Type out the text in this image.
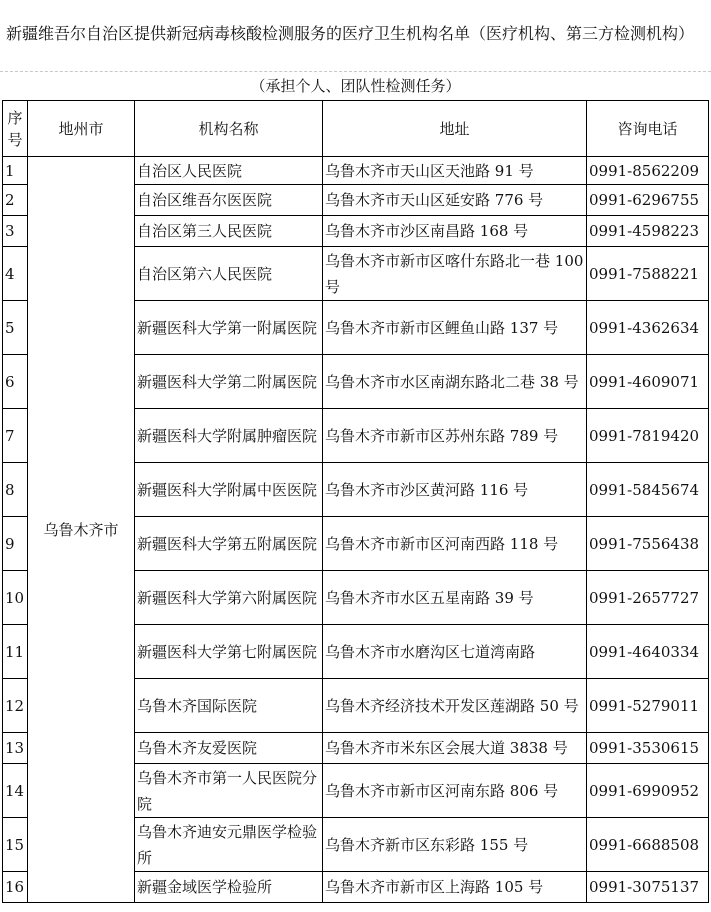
新疆维吾尔自治区提供新冠病毒核酸检测服务的医疗卫生机构名单（医疗机构、第三方检测机构）
（承担个人、团队性检测任务）
序号	地州市	机构名称	地址	咨询电话
1	乌鲁木齐市	自治区人民医院	乌鲁木齐市天山区天池路 91 号	0991-8562209
2		自治区维吾尔医医院	乌鲁木齐市天山区延安路 776 号	0991-6296755
3		自治区第三人民医院	乌鲁木齐市沙区南昌路 168 号	0991-4598223
4		自治区第六人民医院	乌鲁木齐市新市区喀什东路北一巷 100 号	0991-7588221
5		新疆医科大学第一附属医院	乌鲁木齐市新市区鲤鱼山路 137 号	0991-4362634
6		新疆医科大学第二附属医院	乌鲁木齐市水区南湖东路北二巷 38 号	0991-4609071
7		新疆医科大学附属肿瘤医院	乌鲁木齐市新市区苏州东路 789 号	0991-7819420
8		新疆医科大学附属中医医院	乌鲁木齐市沙区黄河路 116 号	0991-5845674
9		新疆医科大学第五附属医院	乌鲁木齐市新市区河南西路 118 号	0991-7556438
10		新疆医科大学第六附属医院	乌鲁木齐市水区五星南路 39 号	0991-2657727
11		新疆医科大学第七附属医院	乌鲁木齐市水磨沟区七道湾南路	0991-4640334
12		乌鲁木齐国际医院	乌鲁木齐经济技术开发区莲湖路 50 号	0991-5279011
13		乌鲁木齐友爱医院	乌鲁木齐市米东区会展大道 3838 号	0991-3530615
14		乌鲁木齐市第一人民医院分院	乌鲁木齐市新市区河南东路 806 号	0991-6990952
15		乌鲁木齐迪安元鼎医学检验所	乌鲁木齐新市区东彩路 155 号	0991-6688508
16		新疆金域医学检验所	乌鲁木齐市新市区上海路 105 号	0991-3075137
